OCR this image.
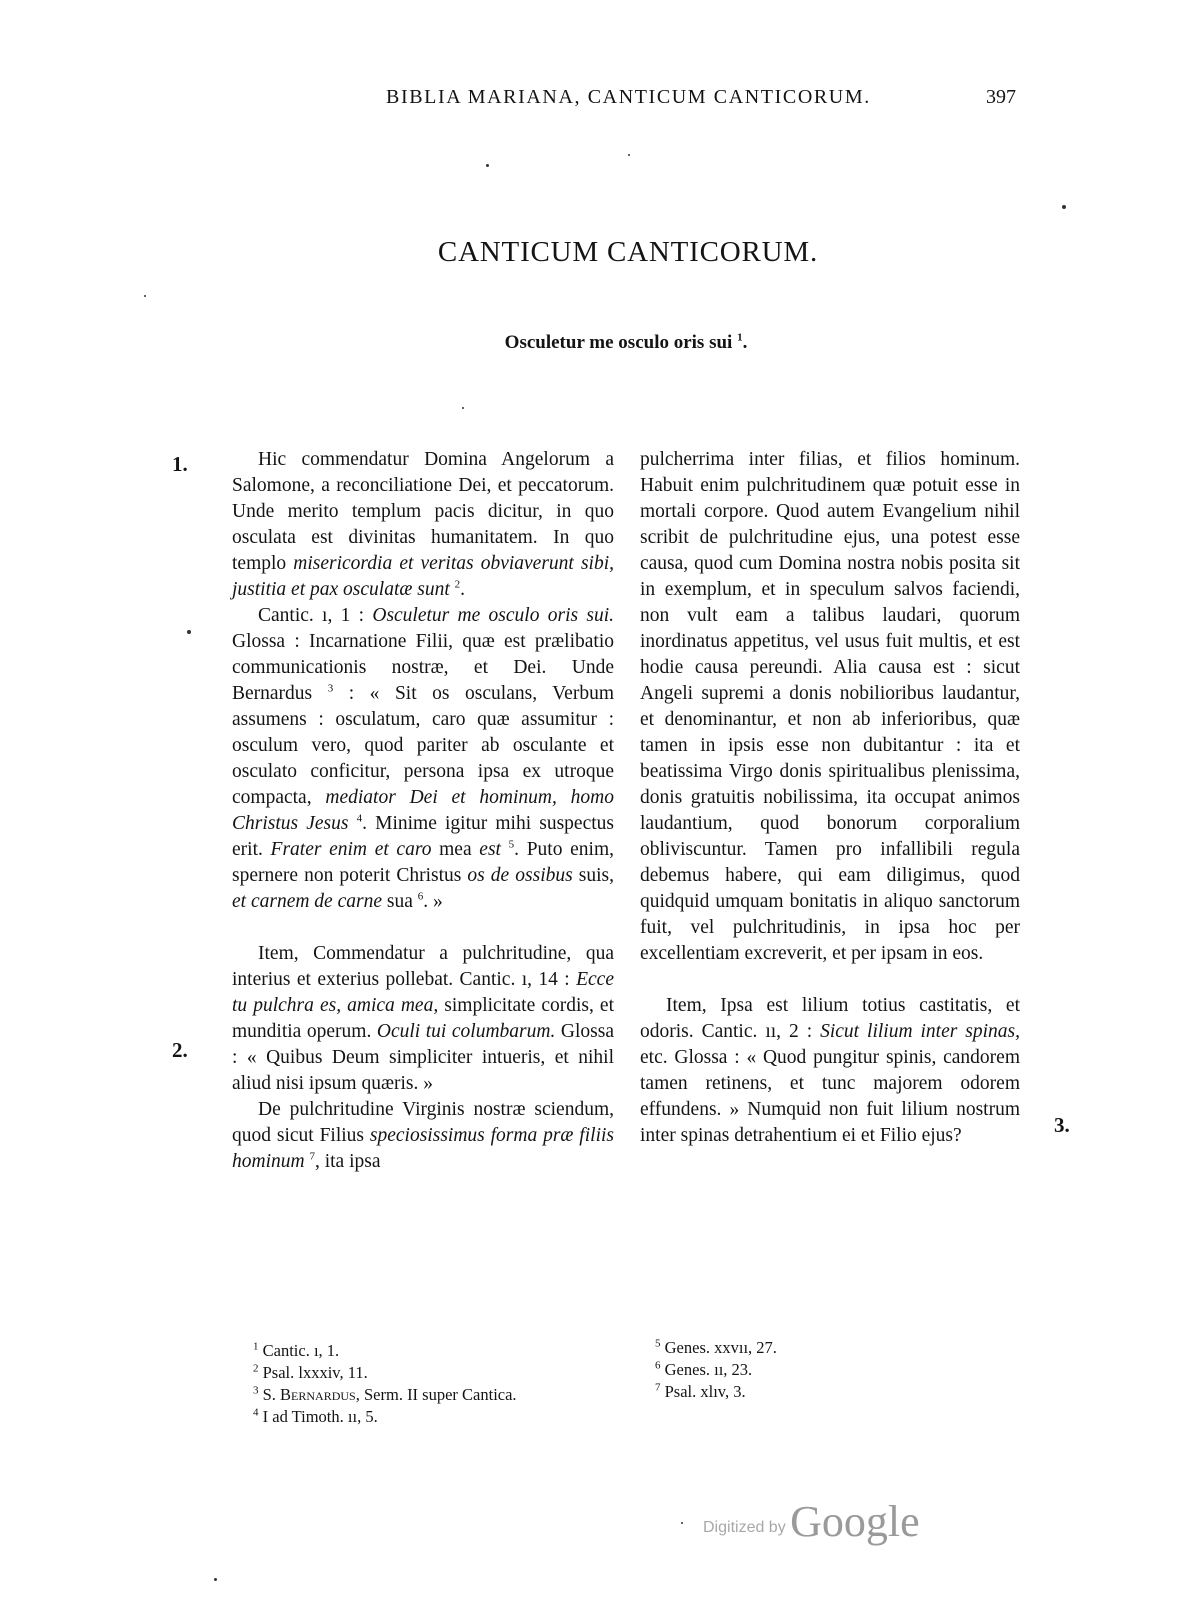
BIBLIA MARIANA, CANTICUM CANTICORUM.	397
CANTICUM CANTICORUM.
Osculetur me osculo oris sui $^1$.
1.
2.
3.

Hic commendatur Domina Angelorum a Salomone, a reconciliatione Dei, et peccatorum. Unde merito templum pacis dicitur, in quo osculata est divinitas humanitatem. In quo templo misericordia et veritas obviaverunt sibi, justitia et pax osculatæ sunt $^2$.

Cantic. ı, 1 : Osculetur me osculo oris sui. Glossa : Incarnatione Filii, quæ est prælibatio communicationis nostræ, et Dei. Unde Bernardus $^3$ : « Sit os osculans, Verbum assumens : osculatum, caro quæ assumitur : osculum vero, quod pariter ab osculante et osculato conficitur, persona ipsa ex utroque compacta, mediator Dei et hominum, homo Christus Jesus $^4$. Minime igitur mihi suspectus erit. Frater enim et caro mea est $^5$. Puto enim, spernere non poterit Christus os de ossibus suis, et carnem de carne sua $^6$. »

Item, Commendatur a pulchritudine, qua interius et exterius pollebat. Cantic. ı, 14 : Ecce tu pulchra es, amica mea, simplicitate cordis, et munditia operum. Oculi tui columbarum. Glossa : « Quibus Deum simpliciter intueris, et nihil aliud nisi ipsum quæris. »

De pulchritudine Virginis nostræ sciendum, quod sicut Filius speciosissimus forma præ filiis hominum $^7$, ita ipsa

pulcherrima inter filias, et filios hominum. Habuit enim pulchritudinem quæ potuit esse in mortali corpore. Quod autem Evangelium nihil scribit de pulchritudine ejus, una potest esse causa, quod cum Domina nostra nobis posita sit in exemplum, et in speculum salvos faciendi, non vult eam a talibus laudari, quorum inordinatus appetitus, vel usus fuit multis, et est hodie causa pereundi. Alia causa est : sicut Angeli supremi a donis nobilioribus laudantur, et denominantur, et non ab inferioribus, quæ tamen in ipsis esse non dubitantur : ita et beatissima Virgo donis spiritualibus plenissima, donis gratuitis nobilissima, ita occupat animos laudantium, quod bonorum corporalium obliviscuntur. Tamen pro infallibili regula debemus habere, qui eam diligimus, quod quidquid umquam bonitatis in aliquo sanctorum fuit, vel pulchritudinis, in ipsa hoc per excellentiam excreverit, et per ipsam in eos.

Item, Ipsa est lilium totius castitatis, et odoris. Cantic. ıı, 2 : Sicut lilium inter spinas, etc. Glossa : « Quod pungitur spinis, candorem tamen retinens, et tunc majorem odorem effundens. » Numquid non fuit lilium nostrum inter spinas detrahentium ei et Filio ejus?

$^1$ Cantic. ı, 1.
$^2$ Psal. lxxxiv, 11.
$^3$ S. Bernardus, Serm. II super Cantica.
$^4$ I ad Timoth. ıı, 5.
$^5$ Genes. xxvıı, 27.
$^6$ Genes. ıı, 23.
$^7$ Psal. xlıv, 3.
Digitized by Google
